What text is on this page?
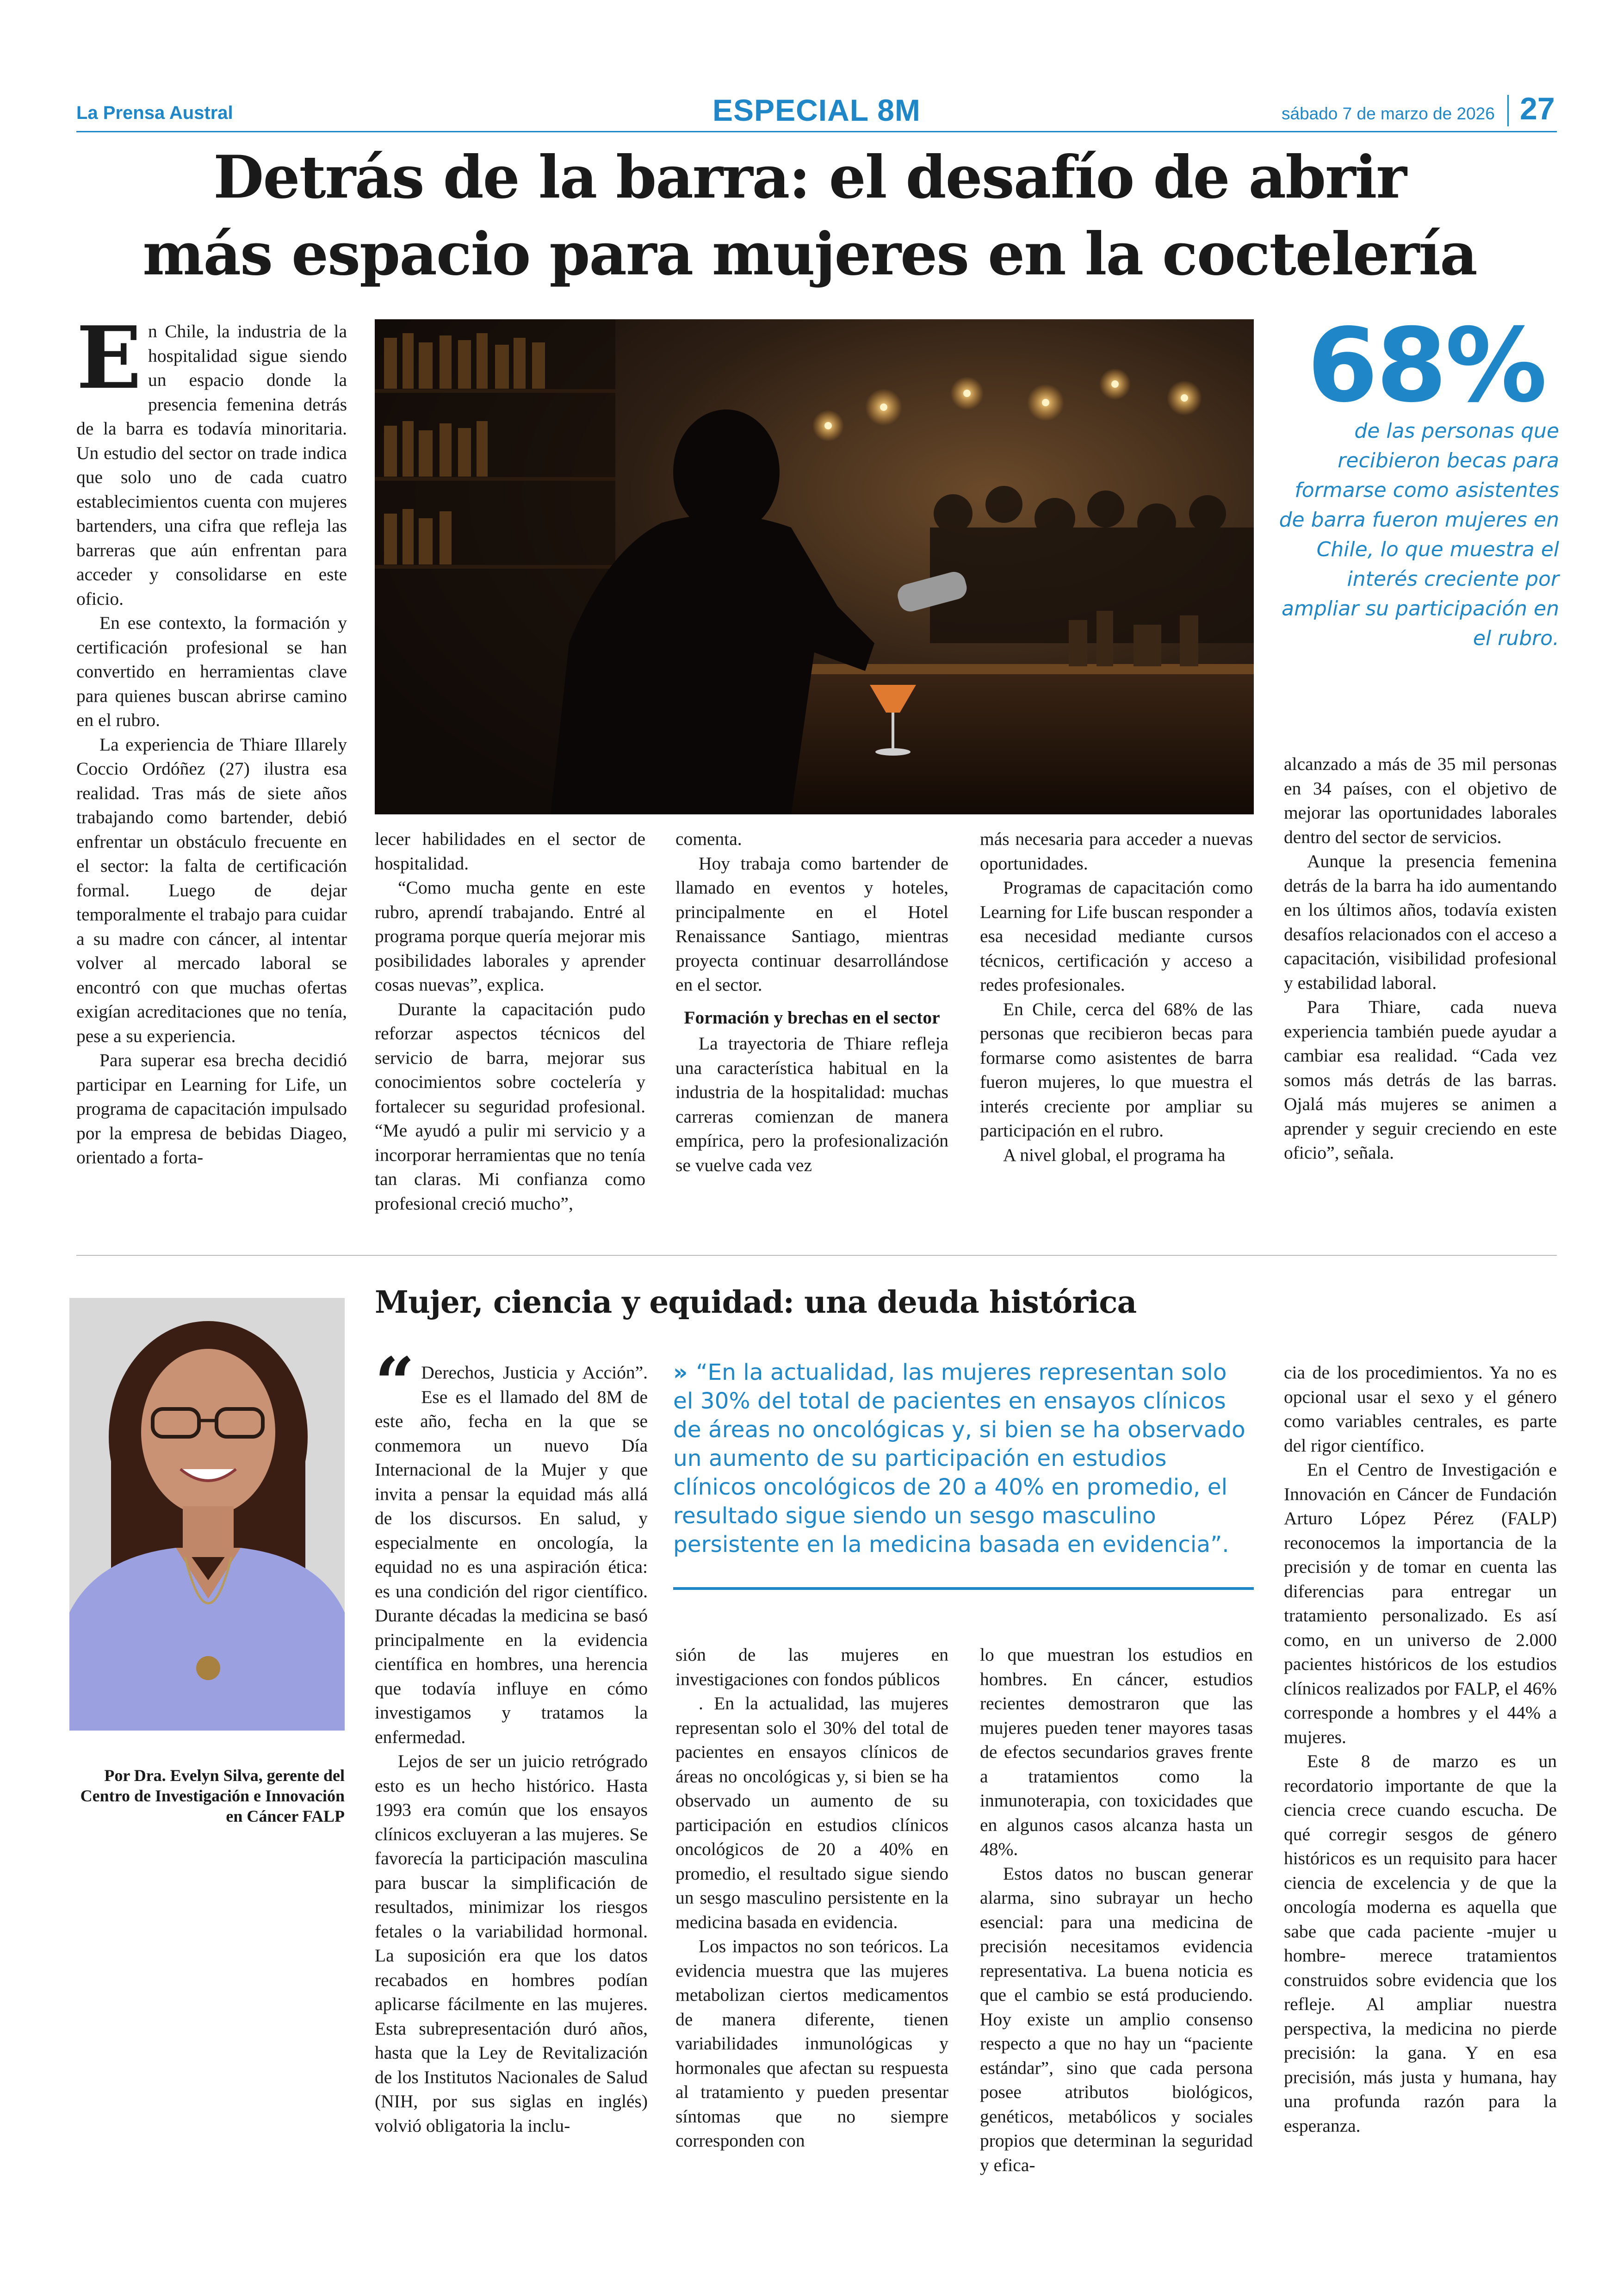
La Prensa Austral	ESPECIAL 8M	sábado 7 de marzo de 2026 27
Detrás de la barra: el desafío de abrir
más espacio para mujeres en la coctelería

En Chile, la industria de la hospitalidad sigue siendo un espacio donde la presencia femenina detrás de la barra es todavía minoritaria. Un estudio del sector on trade indica que solo uno de cada cuatro establecimientos cuenta con mujeres bartenders, una cifra que refleja las barreras que aún enfrentan para acceder y consolidarse en este oficio.

En ese contexto, la formación y certificación profesional se han convertido en herramientas clave para quienes buscan abrirse camino en el rubro.

La experiencia de Thiare Illarely Coccio Ordóñez (27) ilustra esa realidad. Tras más de siete años trabajando como bartender, debió enfrentar un obstáculo frecuente en el sector: la falta de certificación formal. Luego de dejar temporalmente el trabajo para cuidar a su madre con cáncer, al intentar volver al mercado laboral se encontró con que muchas ofertas exigían acreditaciones que no tenía, pese a su experiencia.

Para superar esa brecha decidió participar en Learning for Life, un programa de capacitación impulsado por la empresa de bebidas Diageo, orientado a forta-

68%
de las personas que recibieron becas para formarse como asistentes de barra fueron mujeres en Chile, lo que muestra el interés creciente por ampliar su participación en el rubro.

lecer habilidades en el sector de hospitalidad.

“Como mucha gente en este rubro, aprendí trabajando. Entré al programa porque quería mejorar mis posibilidades laborales y aprender cosas nuevas”, explica.

Durante la capacitación pudo reforzar aspectos técnicos del servicio de barra, mejorar sus conocimientos sobre coctelería y fortalecer su seguridad profesional. “Me ayudó a pulir mi servicio y a incorporar herramientas que no tenía tan claras. Mi confianza como profesional creció mucho”,

comenta.

Hoy trabaja como bartender de llamado en eventos y hoteles, principalmente en el Hotel Renaissance Santiago, mientras proyecta continuar desarrollándose en el sector.

Formación y brechas en el sector

La trayectoria de Thiare refleja una característica habitual en la industria de la hospitalidad: muchas carreras comienzan de manera empírica, pero la profesionalización se vuelve cada vez

más necesaria para acceder a nuevas oportunidades.

Programas de capacitación como Learning for Life buscan responder a esa necesidad mediante cursos técnicos, certificación y acceso a redes profesionales.

En Chile, cerca del 68% de las personas que recibieron becas para formarse como asistentes de barra fueron mujeres, lo que muestra el interés creciente por ampliar su participación en el rubro.

A nivel global, el programa ha

alcanzado a más de 35 mil personas en 34 países, con el objetivo de mejorar las oportunidades laborales dentro del sector de servicios.

Aunque la presencia femenina detrás de la barra ha ido aumentando en los últimos años, todavía existen desafíos relacionados con el acceso a capacitación, visibilidad profesional y estabilidad laboral.

Para Thiare, cada nueva experiencia también puede ayudar a cambiar esa realidad. “Cada vez somos más detrás de las barras. Ojalá más mujeres se animen a aprender y seguir creciendo en este oficio”, señala.

Mujer, ciencia y equidad: una deuda histórica
Por Dra. Evelyn Silva, gerente del Centro de Investigación e Innovación en Cáncer FALP

“ Derechos, Justicia y Acción”. Ese es el llamado del 8M de este año, fecha en la que se conmemora un nuevo Día Internacional de la Mujer y que invita a pensar la equidad más allá de los discursos. En salud, y especialmente en oncología, la equidad no es una aspiración ética: es una condición del rigor científico. Durante décadas la medicina se basó principalmente en la evidencia científica en hombres, una herencia que todavía influye en cómo investigamos y tratamos la enfermedad.

Lejos de ser un juicio retrógrado esto es un hecho histórico. Hasta 1993 era común que los ensayos clínicos excluyeran a las mujeres. Se favorecía la participación masculina para buscar la simplificación de resultados, minimizar los riesgos fetales o la variabilidad hormonal. La suposición era que los datos recabados en hombres podían aplicarse fácilmente en las mujeres. Esta subrepresentación duró años, hasta que la Ley de Revitalización de los Institutos Nacionales de Salud (NIH, por sus siglas en inglés) volvió obligatoria la inclu-

» “En la actualidad, las mujeres representan solo el 30% del total de pacientes en ensayos clínicos de áreas no oncológicas y, si bien se ha observado un aumento de su participación en estudios clínicos oncológicos de 20 a 40% en promedio, el resultado sigue siendo un sesgo masculino persistente en la medicina basada en evidencia”.

sión de las mujeres en investigaciones con fondos públicos

. En la actualidad, las mujeres representan solo el 30% del total de pacientes en ensayos clínicos de áreas no oncológicas y, si bien se ha observado un aumento de su participación en estudios clínicos oncológicos de 20 a 40% en promedio, el resultado sigue siendo un sesgo masculino persistente en la medicina basada en evidencia.

Los impactos no son teóricos. La evidencia muestra que las mujeres metabolizan ciertos medicamentos de manera diferente, tienen variabilidades inmunológicas y hormonales que afectan su respuesta al tratamiento y pueden presentar síntomas que no siempre corresponden con

lo que muestran los estudios en hombres. En cáncer, estudios recientes demostraron que las mujeres pueden tener mayores tasas de efectos secundarios graves frente a tratamientos como la inmunoterapia, con toxicidades que en algunos casos alcanza hasta un 48%.

Estos datos no buscan generar alarma, sino subrayar un hecho esencial: para una medicina de precisión necesitamos evidencia representativa. La buena noticia es que el cambio se está produciendo. Hoy existe un amplio consenso respecto a que no hay un “paciente estándar”, sino que cada persona posee atributos biológicos, genéticos, metabólicos y sociales propios que determinan la seguridad y efica-

cia de los procedimientos. Ya no es opcional usar el sexo y el género como variables centrales, es parte del rigor científico.

En el Centro de Investigación e Innovación en Cáncer de Fundación Arturo López Pérez (FALP) reconocemos la importancia de la precisión y de tomar en cuenta las diferencias para entregar un tratamiento personalizado. Es así como, en un universo de 2.000 pacientes históricos de los estudios clínicos realizados por FALP, el 46% corresponde a hombres y el 44% a mujeres.

Este 8 de marzo es un recordatorio importante de que la ciencia crece cuando escucha. De qué corregir sesgos de género históricos es un requisito para hacer ciencia de excelencia y de que la oncología moderna es aquella que sabe que cada paciente -mujer u hombre- merece tratamientos construidos sobre evidencia que los refleje. Al ampliar nuestra perspectiva, la medicina no pierde precisión: la gana. Y en esa precisión, más justa y humana, hay una profunda razón para la esperanza.
